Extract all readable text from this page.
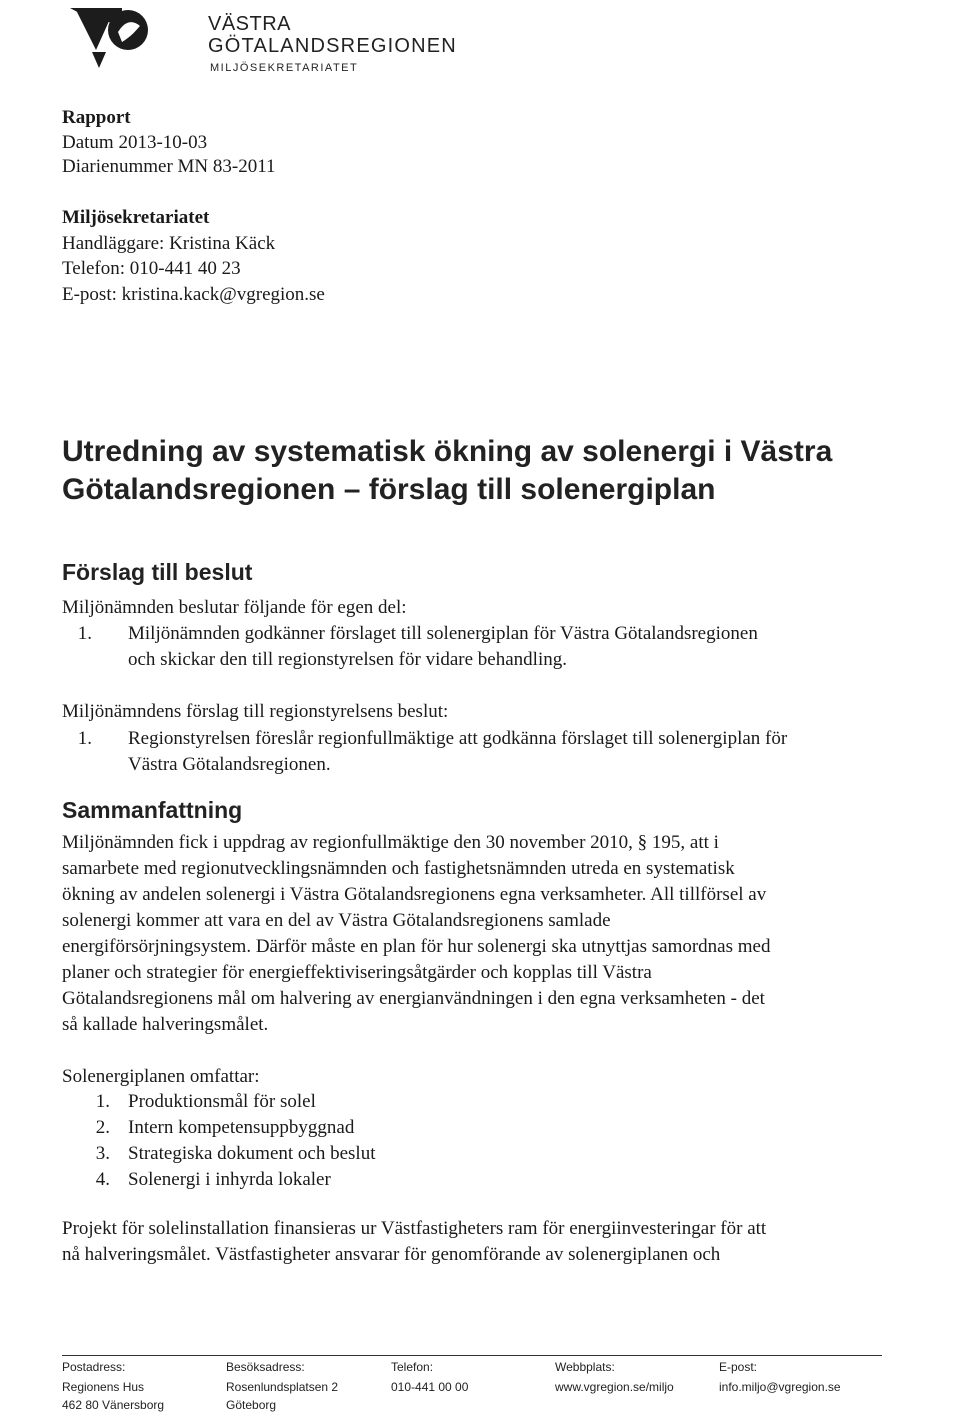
VÄSTRA
GÖTALANDSREGIONEN
MILJÖSEKRETARIATET
Rapport
Datum 2013-10-03
Diarienummer MN 83-2011
Miljösekretariatet
Handläggare: Kristina Käck
Telefon: 010-441 40 23
E-post: kristina.kack@vgregion.se
Utredning av systematisk ökning av solenergi i Västra
Götalandsregionen – förslag till solenergiplan
Förslag till beslut
Miljönämnden beslutar följande för egen del:
1. Miljönämnden godkänner förslaget till solenergiplan för Västra Götalandsregionen
och skickar den till regionstyrelsen för vidare behandling.
Miljönämndens förslag till regionstyrelsens beslut:
1. Regionstyrelsen föreslår regionfullmäktige att godkänna förslaget till solenergiplan för
Västra Götalandsregionen.
Sammanfattning
Miljönämnden fick i uppdrag av regionfullmäktige den 30 november 2010, § 195, att i
samarbete med regionutvecklingsnämnden och fastighetsnämnden utreda en systematisk
ökning av andelen solenergi i Västra Götalandsregionens egna verksamheter. All tillförsel av
solenergi kommer att vara en del av Västra Götalandsregionens samlade
energiförsörjningsystem. Därför måste en plan för hur solenergi ska utnyttjas samordnas med
planer och strategier för energieffektiviseringsåtgärder och kopplas till Västra
Götalandsregionens mål om halvering av energianvändningen i den egna verksamheten - det
så kallade halveringsmålet.
Solenergiplanen omfattar:
1. Produktionsmål för solel
2. Intern kompetensuppbyggnad
3. Strategiska dokument och beslut
4. Solenergi i inhyrda lokaler
Projekt för solelinstallation finansieras ur Västfastigheters ram för energiinvesteringar för att
nå halveringsmålet. Västfastigheter ansvarar för genomförande av solenergiplanen och
Postadress:
Regionens Hus
462 80 Vänersborg
Besöksadress:
Rosenlundsplatsen 2
Göteborg
Telefon:
010-441 00 00
Webbplats:
www.vgregion.se/miljo
E-post:
info.miljo@vgregion.se
